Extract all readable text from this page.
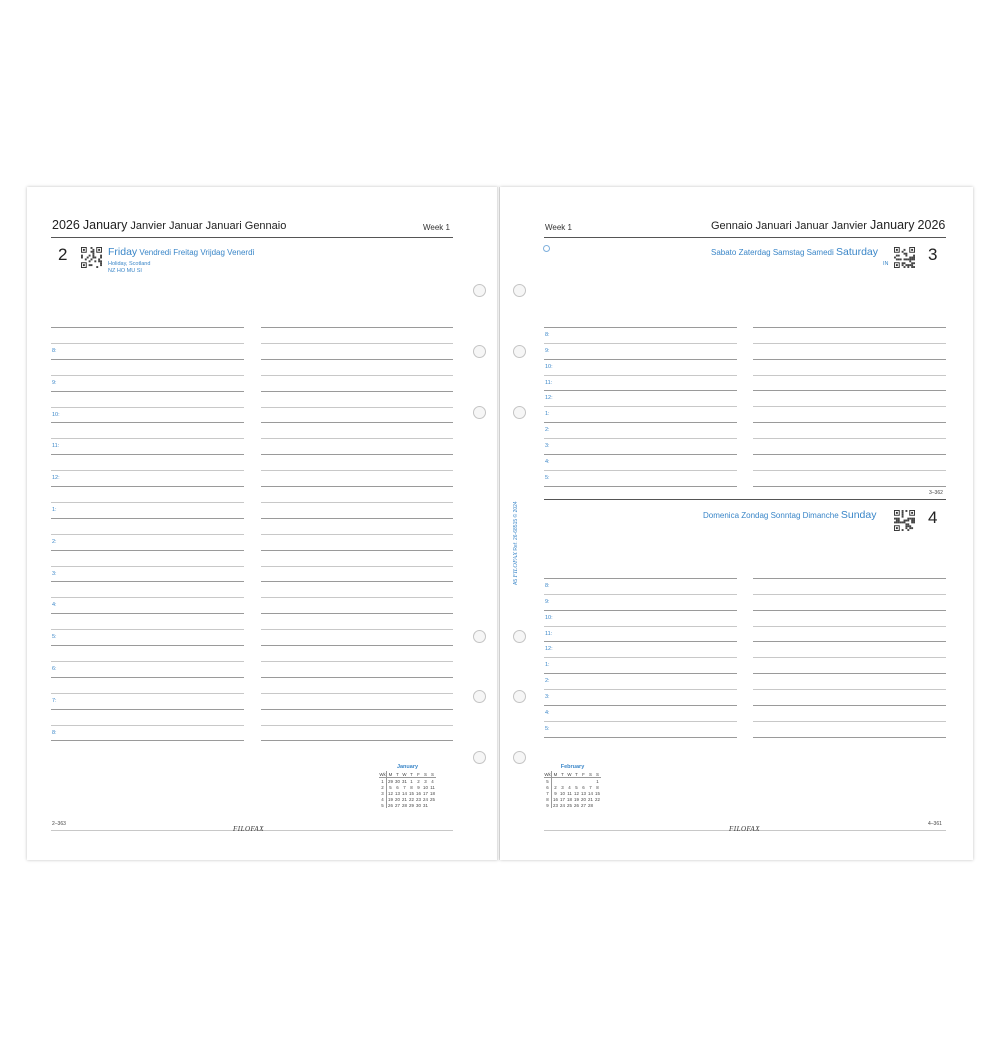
2026 January Janvier Januar Januari Gennaio	Week 1
2	Friday Vendredi Freitag Vrijdag Venerdì
Holiday, Scotland
NZ HO MU SI
8:
9:
10:
11:
12:
1:
2:
3:
4:
5:
6:
7:
8:
January
Wk	M	T	W	T	F	S	S
1	29	30	31	1	2	3	4
2	5	6	7	8	9	10	11
3	12	13	14	15	16	17	18
4	19	20	21	22	23	24	25
5	26	27	28	29	30	31	
2–363
FILOFAX
Week 1	Gennaio Januari Januar Janvier January 2026
Sabato Zaterdag Samstag Samedi Saturday
IN 3
8:
9:
10:
11:
12:
1:
2:
3:
4:
5:
3–362
Domenica Zondag Sonntag Dimanche Sunday	4
8:
9:
10:
11:
12:
1:
2:
3:
4:
5:
February
Wk	M	T	W	T	F	S	S
5							1
6	2	3	4	5	6	7	8
7	9	10	11	12	13	14	15
8	16	17	18	19	20	21	22
9	23	24	25	26	27	28	
FILOFAX
4–361
A5 FILOFAX Ref. 26-68515 © 2024
